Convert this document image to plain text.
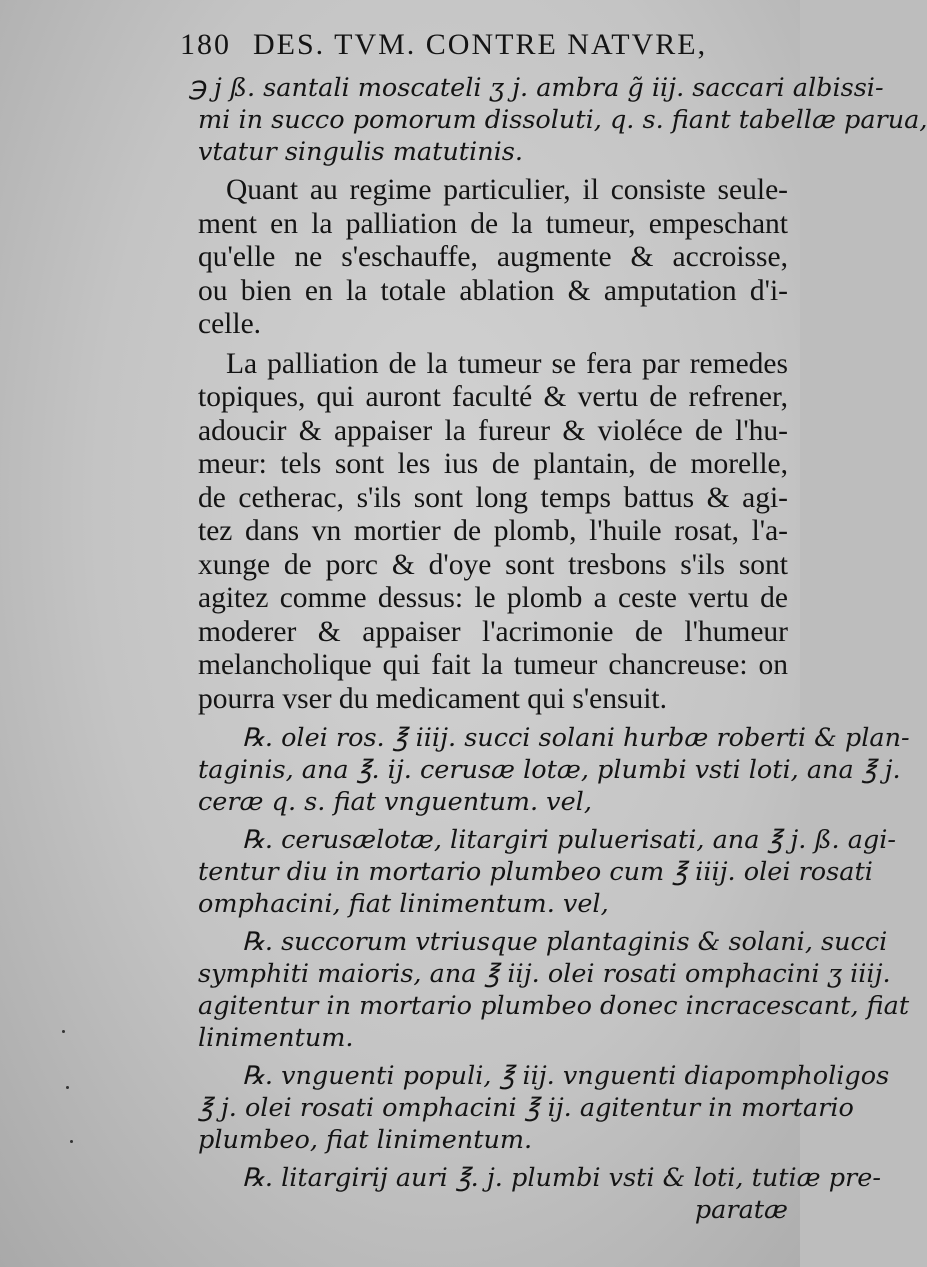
180 DES. TVM. CONTRE NATVRE,
℈ j ß. santali moscateli ʒ j. ambra g̃ iij. saccari albissi-
mi in succo pomorum dissoluti, q. s. fiant tabellæ parua,
vtatur singulis matutinis.
Quant au regime particulier, il consiste seule-
ment en la palliation de la tumeur, empeschant
qu'elle ne s'eschauffe, augmente & accroisse,
ou bien en la totale ablation & amputation d'i-
celle.
La palliation de la tumeur se fera par remedes
topiques, qui auront faculté & vertu de refrener,
adoucir & appaiser la fureur & violéce de l'hu-
meur: tels sont les ius de plantain, de morelle,
de cetherac, s'ils sont long temps battus & agi-
tez dans vn mortier de plomb, l'huile rosat, l'a-
xunge de porc & d'oye sont tresbons s'ils sont
agitez comme dessus: le plomb a ceste vertu de
moderer & appaiser l'acrimonie de l'humeur
melancholique qui fait la tumeur chancreuse: on
pourra vser du medicament qui s'ensuit.
℞. olei ros. ℥ iiij. succi solani hurbæ roberti & plan-
taginis, ana ℥. ij. cerusæ lotæ, plumbi vsti loti, ana ℥ j.
ceræ q. s. fiat vnguentum. vel,
℞. cerusælotæ, litargiri puluerisati, ana ℥ j. ß. agi-
tentur diu in mortario plumbeo cum ℥ iiij. olei rosati
omphacini, fiat linimentum. vel,
℞. succorum vtriusque plantaginis & solani, succi
symphiti maioris, ana ℥ iij. olei rosati omphacini ʒ iiij.
agitentur in mortario plumbeo donec incracescant, fiat
linimentum.
℞. vnguenti populi, ℥ iij. vnguenti diapompholigos
℥ j. olei rosati omphacini ℥ ij. agitentur in mortario
plumbeo, fiat linimentum.
℞. litargirij auri ℥. j. plumbi vsti & loti, tutiæ pre-
paratæ
